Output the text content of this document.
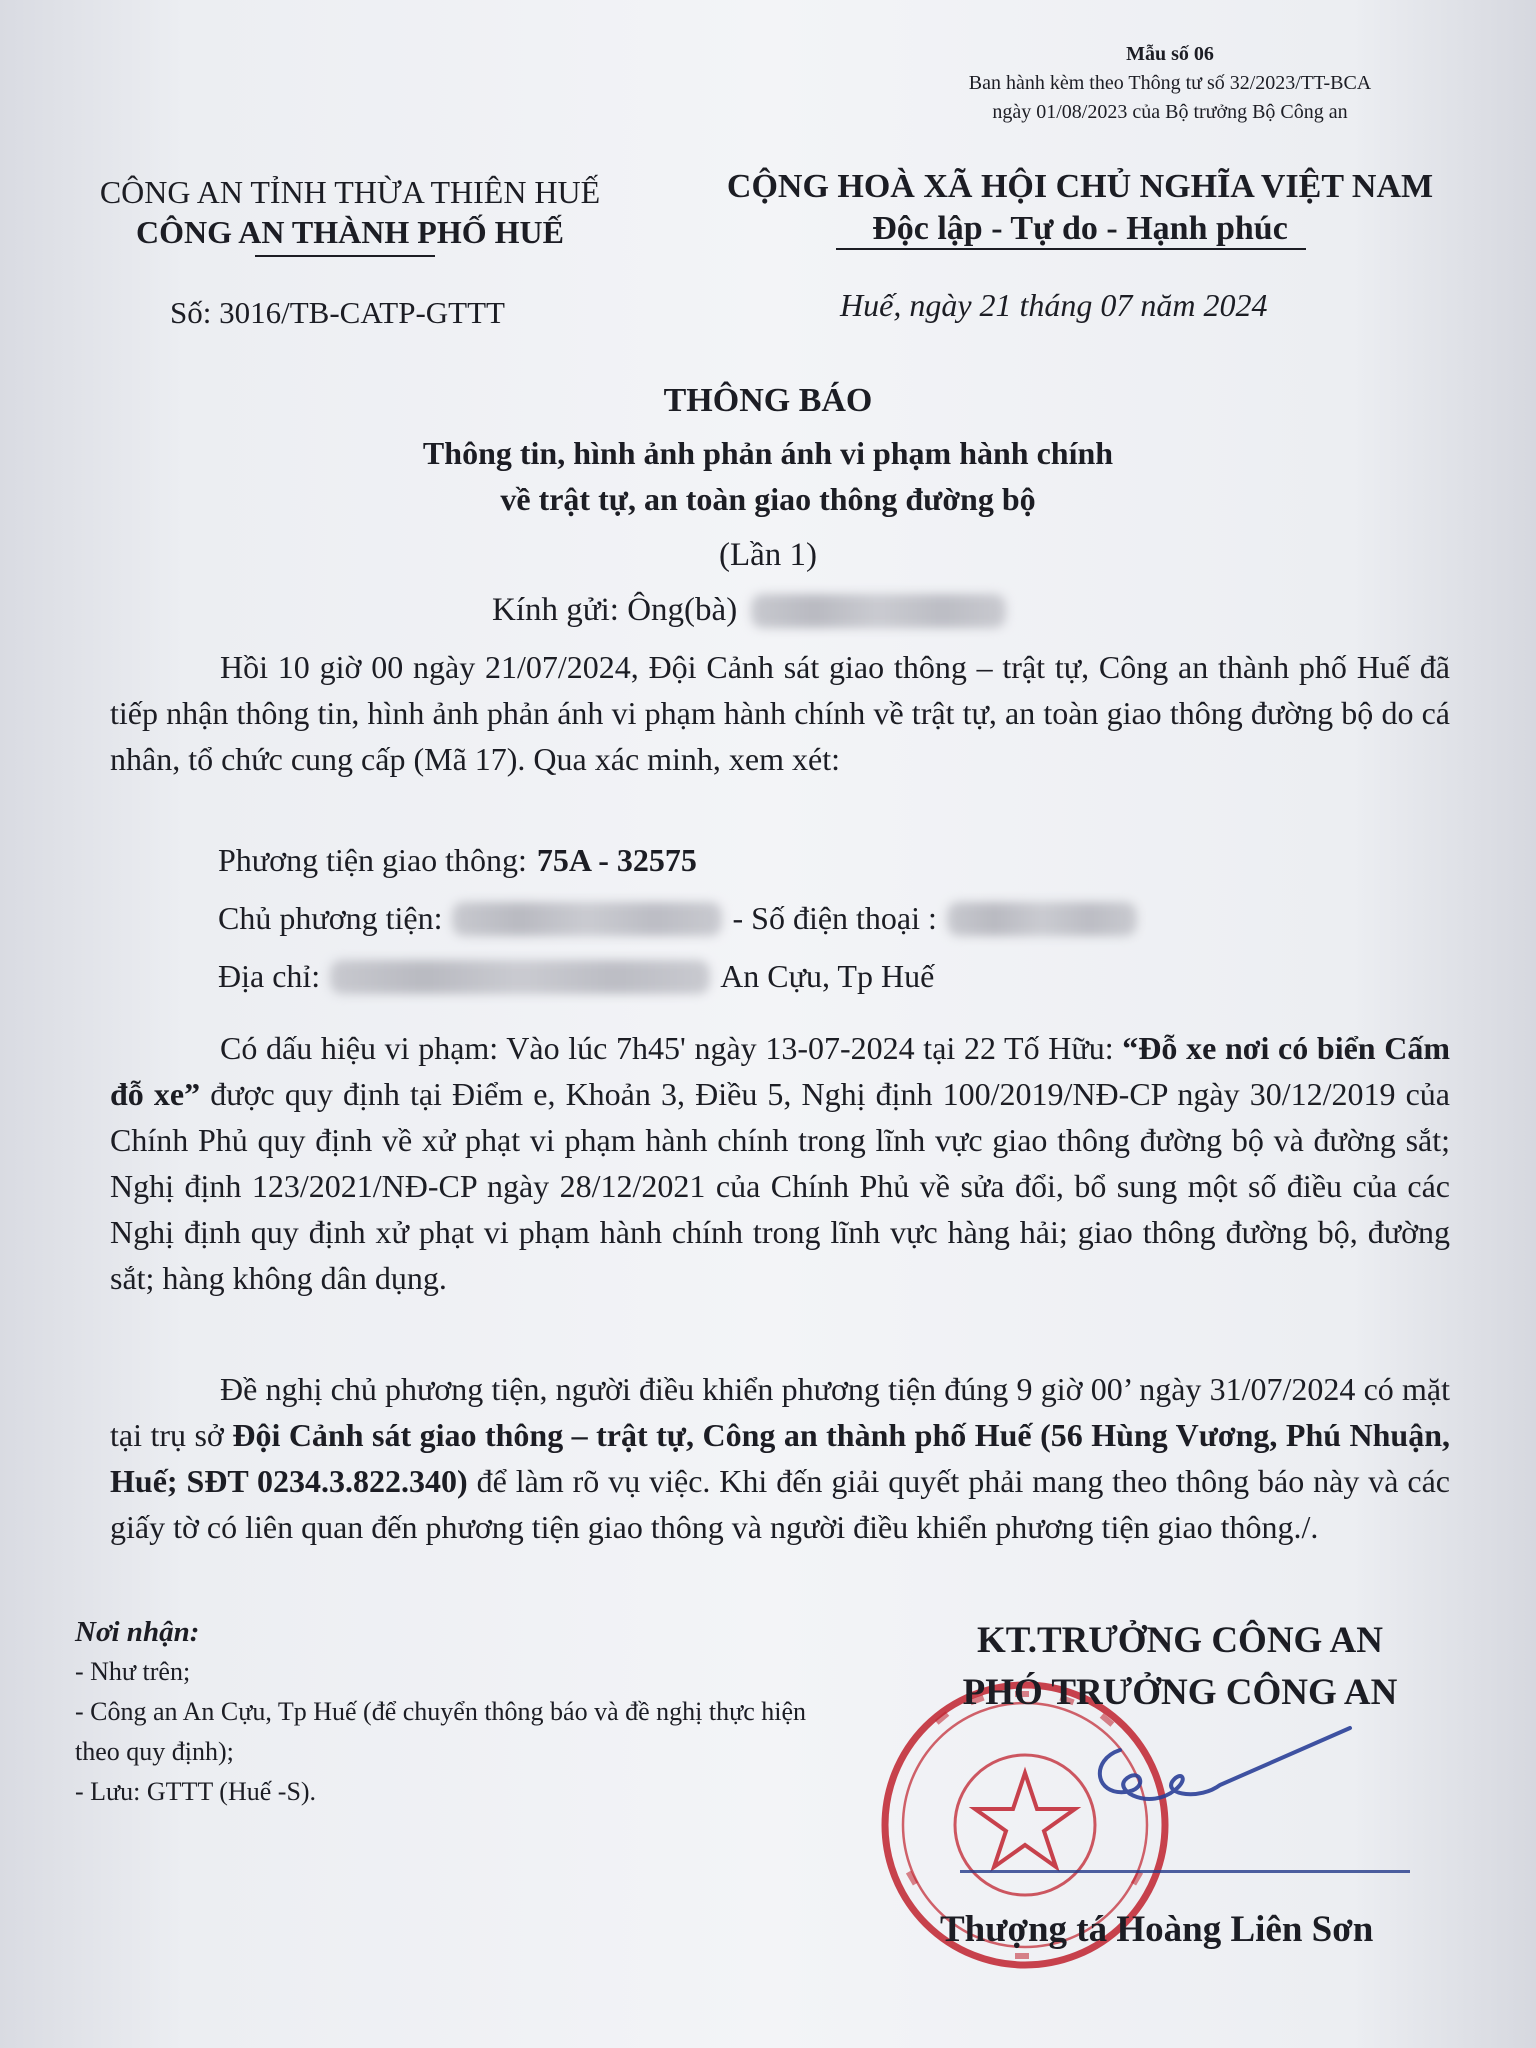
Mẫu số 06
Ban hành kèm theo Thông tư số 32/2023/TT-BCA
ngày 01/08/2023 của Bộ trưởng Bộ Công an
CÔNG AN TỈNH THỪA THIÊN HUẾ
CÔNG AN THÀNH PHỐ HUẾ
CỘNG HOÀ XÃ HỘI CHỦ NGHĨA VIỆT NAM
Độc lập - Tự do - Hạnh phúc
Số: 3016/TB-CATP-GTTT	Huế, ngày 21 tháng 07 năm 2024
THÔNG BÁO
Thông tin, hình ảnh phản ánh vi phạm hành chính
về trật tự, an toàn giao thông đường bộ
(Lần 1)
Kính gửi: Ông(bà)
Hồi 10 giờ 00 ngày 21/07/2024, Đội Cảnh sát giao thông – trật tự, Công an thành phố Huế đã tiếp nhận thông tin, hình ảnh phản ánh vi phạm hành chính về trật tự, an toàn giao thông đường bộ do cá nhân, tổ chức cung cấp (Mã 17). Qua xác minh, xem xét:
Phương tiện giao thông: 75A - 32575
Chủ phương tiện:	- Số điện thoại :
Địa chỉ:	An Cựu, Tp Huế
Có dấu hiệu vi phạm: Vào lúc 7h45' ngày 13-07-2024 tại 22 Tố Hữu: “Đỗ xe nơi có biển Cấm đỗ xe” được quy định tại Điểm e, Khoản 3, Điều 5, Nghị định 100/2019/NĐ-CP ngày 30/12/2019 của Chính Phủ quy định về xử phạt vi phạm hành chính trong lĩnh vực giao thông đường bộ và đường sắt; Nghị định 123/2021/NĐ-CP ngày 28/12/2021 của Chính Phủ về sửa đổi, bổ sung một số điều của các Nghị định quy định xử phạt vi phạm hành chính trong lĩnh vực hàng hải; giao thông đường bộ, đường sắt; hàng không dân dụng.
Đề nghị chủ phương tiện, người điều khiển phương tiện đúng 9 giờ 00’ ngày 31/07/2024 có mặt tại trụ sở Đội Cảnh sát giao thông – trật tự, Công an thành phố Huế (56 Hùng Vương, Phú Nhuận, Huế; SĐT 0234.3.822.340) để làm rõ vụ việc. Khi đến giải quyết phải mang theo thông báo này và các giấy tờ có liên quan đến phương tiện giao thông và người điều khiển phương tiện giao thông./.
Nơi nhận:
- Như trên;
- Công an An Cựu, Tp Huế (để chuyển thông báo và đề nghị thực hiện theo quy định);
- Lưu: GTTT (Huế -S).
KT.TRƯỞNG CÔNG AN
PHÓ TRƯỞNG CÔNG AN
Thượng tá Hoàng Liên Sơn
